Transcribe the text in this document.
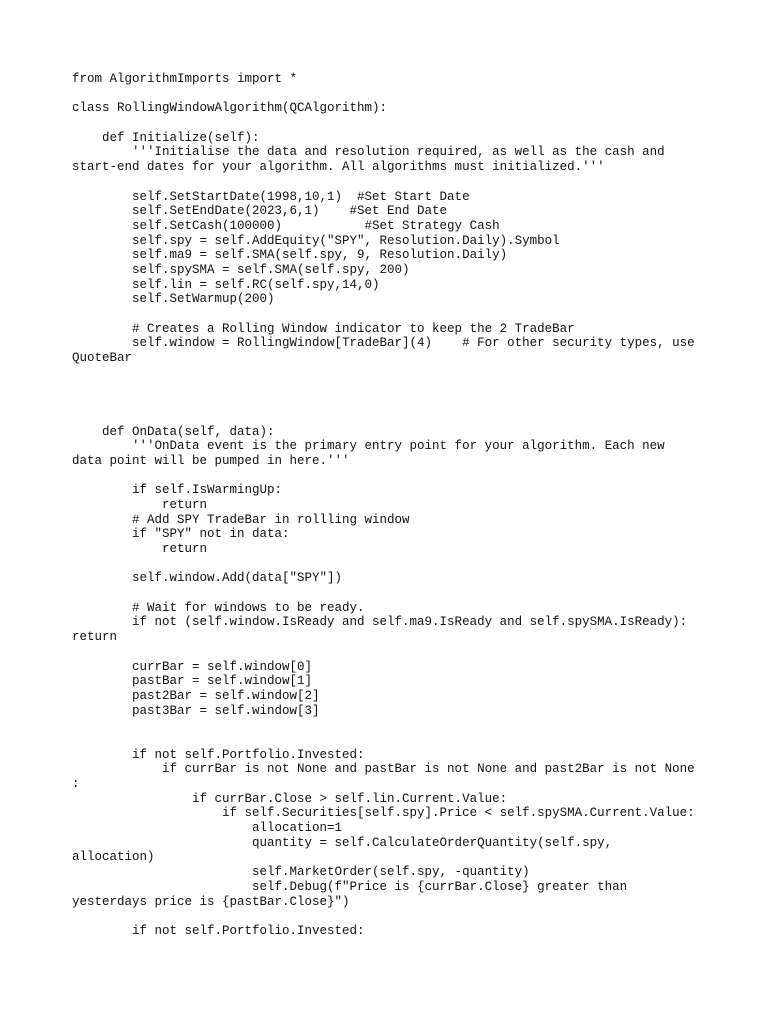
from AlgorithmImports import *
class RollingWindowAlgorithm(QCAlgorithm):
def Initialize(self):
'''Initialise the data and resolution required, as well as the cash and
start-end dates for your algorithm. All algorithms must initialized.'''
self.SetStartDate(1998,10,1)  #Set Start Date
self.SetEndDate(2023,6,1)    #Set End Date
self.SetCash(100000)           #Set Strategy Cash
self.spy = self.AddEquity("SPY", Resolution.Daily).Symbol
self.ma9 = self.SMA(self.spy, 9, Resolution.Daily)
self.spySMA = self.SMA(self.spy, 200)
self.lin = self.RC(self.spy,14,0)
self.SetWarmup(200)
# Creates a Rolling Window indicator to keep the 2 TradeBar
self.window = RollingWindow[TradeBar](4)    # For other security types, use
QuoteBar
def OnData(self, data):
'''OnData event is the primary entry point for your algorithm. Each new
data point will be pumped in here.'''
if self.IsWarmingUp:
return
# Add SPY TradeBar in rollling window
if "SPY" not in data:
return
self.window.Add(data["SPY"])
# Wait for windows to be ready.
if not (self.window.IsReady and self.ma9.IsReady and self.spySMA.IsReady):
return
currBar = self.window[0]
pastBar = self.window[1]
past2Bar = self.window[2]
past3Bar = self.window[3]
if not self.Portfolio.Invested:
if currBar is not None and pastBar is not None and past2Bar is not None
:
if currBar.Close > self.lin.Current.Value:
if self.Securities[self.spy].Price < self.spySMA.Current.Value:
allocation=1
quantity = self.CalculateOrderQuantity(self.spy,
allocation)
self.MarketOrder(self.spy, -quantity)
self.Debug(f"Price is {currBar.Close} greater than
yesterdays price is {pastBar.Close}")
if not self.Portfolio.Invested:
